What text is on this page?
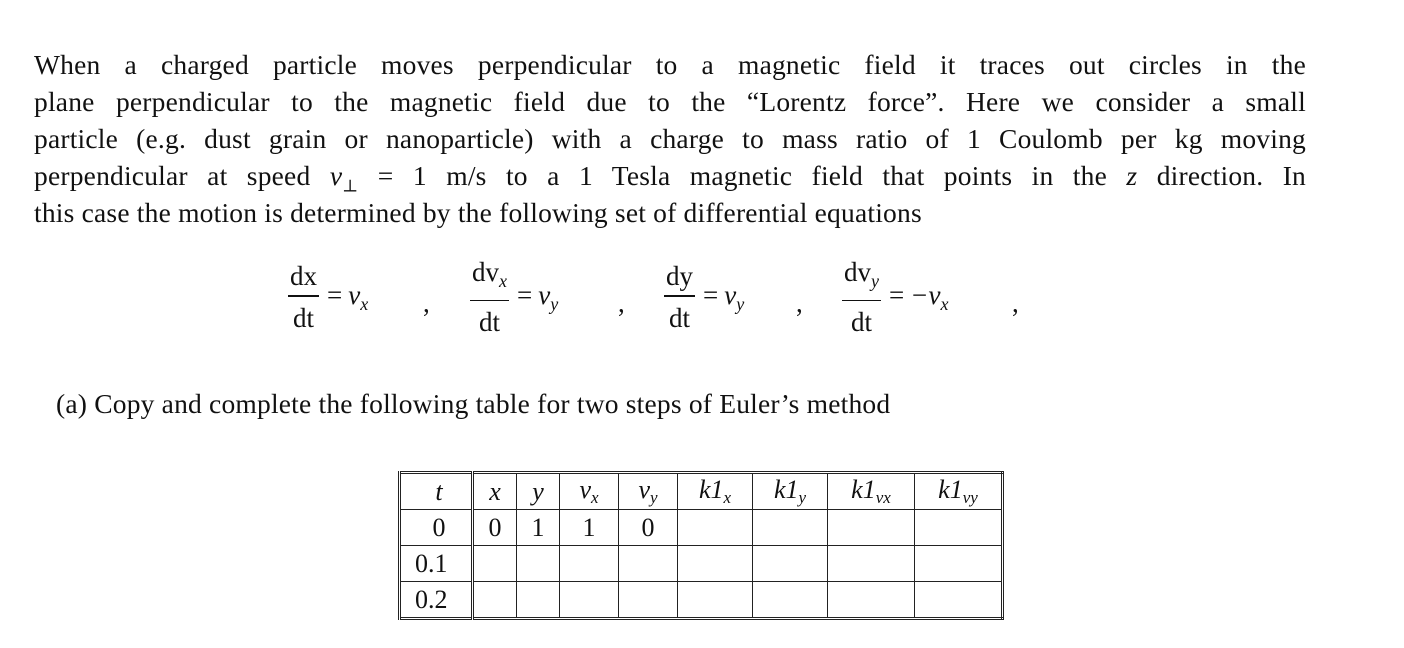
When a charged particle moves perpendicular to a magnetic field it traces out circles in the
plane perpendicular to the magnetic field due to the “Lorentz force”. Here we consider a small
particle (e.g. dust grain or nanoparticle) with a charge to mass ratio of 1 Coulomb per kg moving
perpendicular at speed $v_\perp = 1$ m/s to a 1 Tesla magnetic field that points in the z direction. In
this case the motion is determined by the following set of differential equations
$\frac{dx}{dt} = v_x$ , $\frac{dv_x}{dt} = v_y$ , $\frac{dy}{dt} = v_y$ , $\frac{dv_y}{dt} = -v_x$ ,
(a) Copy and complete the following table for two steps of Euler’s method
t	x	y	$v_x$	$v_y$	$k1_x$	$k1_y$	$k1_{vx}$	$k1_{vy}$
0	0	1	1	0				
0.1								
0.2								
